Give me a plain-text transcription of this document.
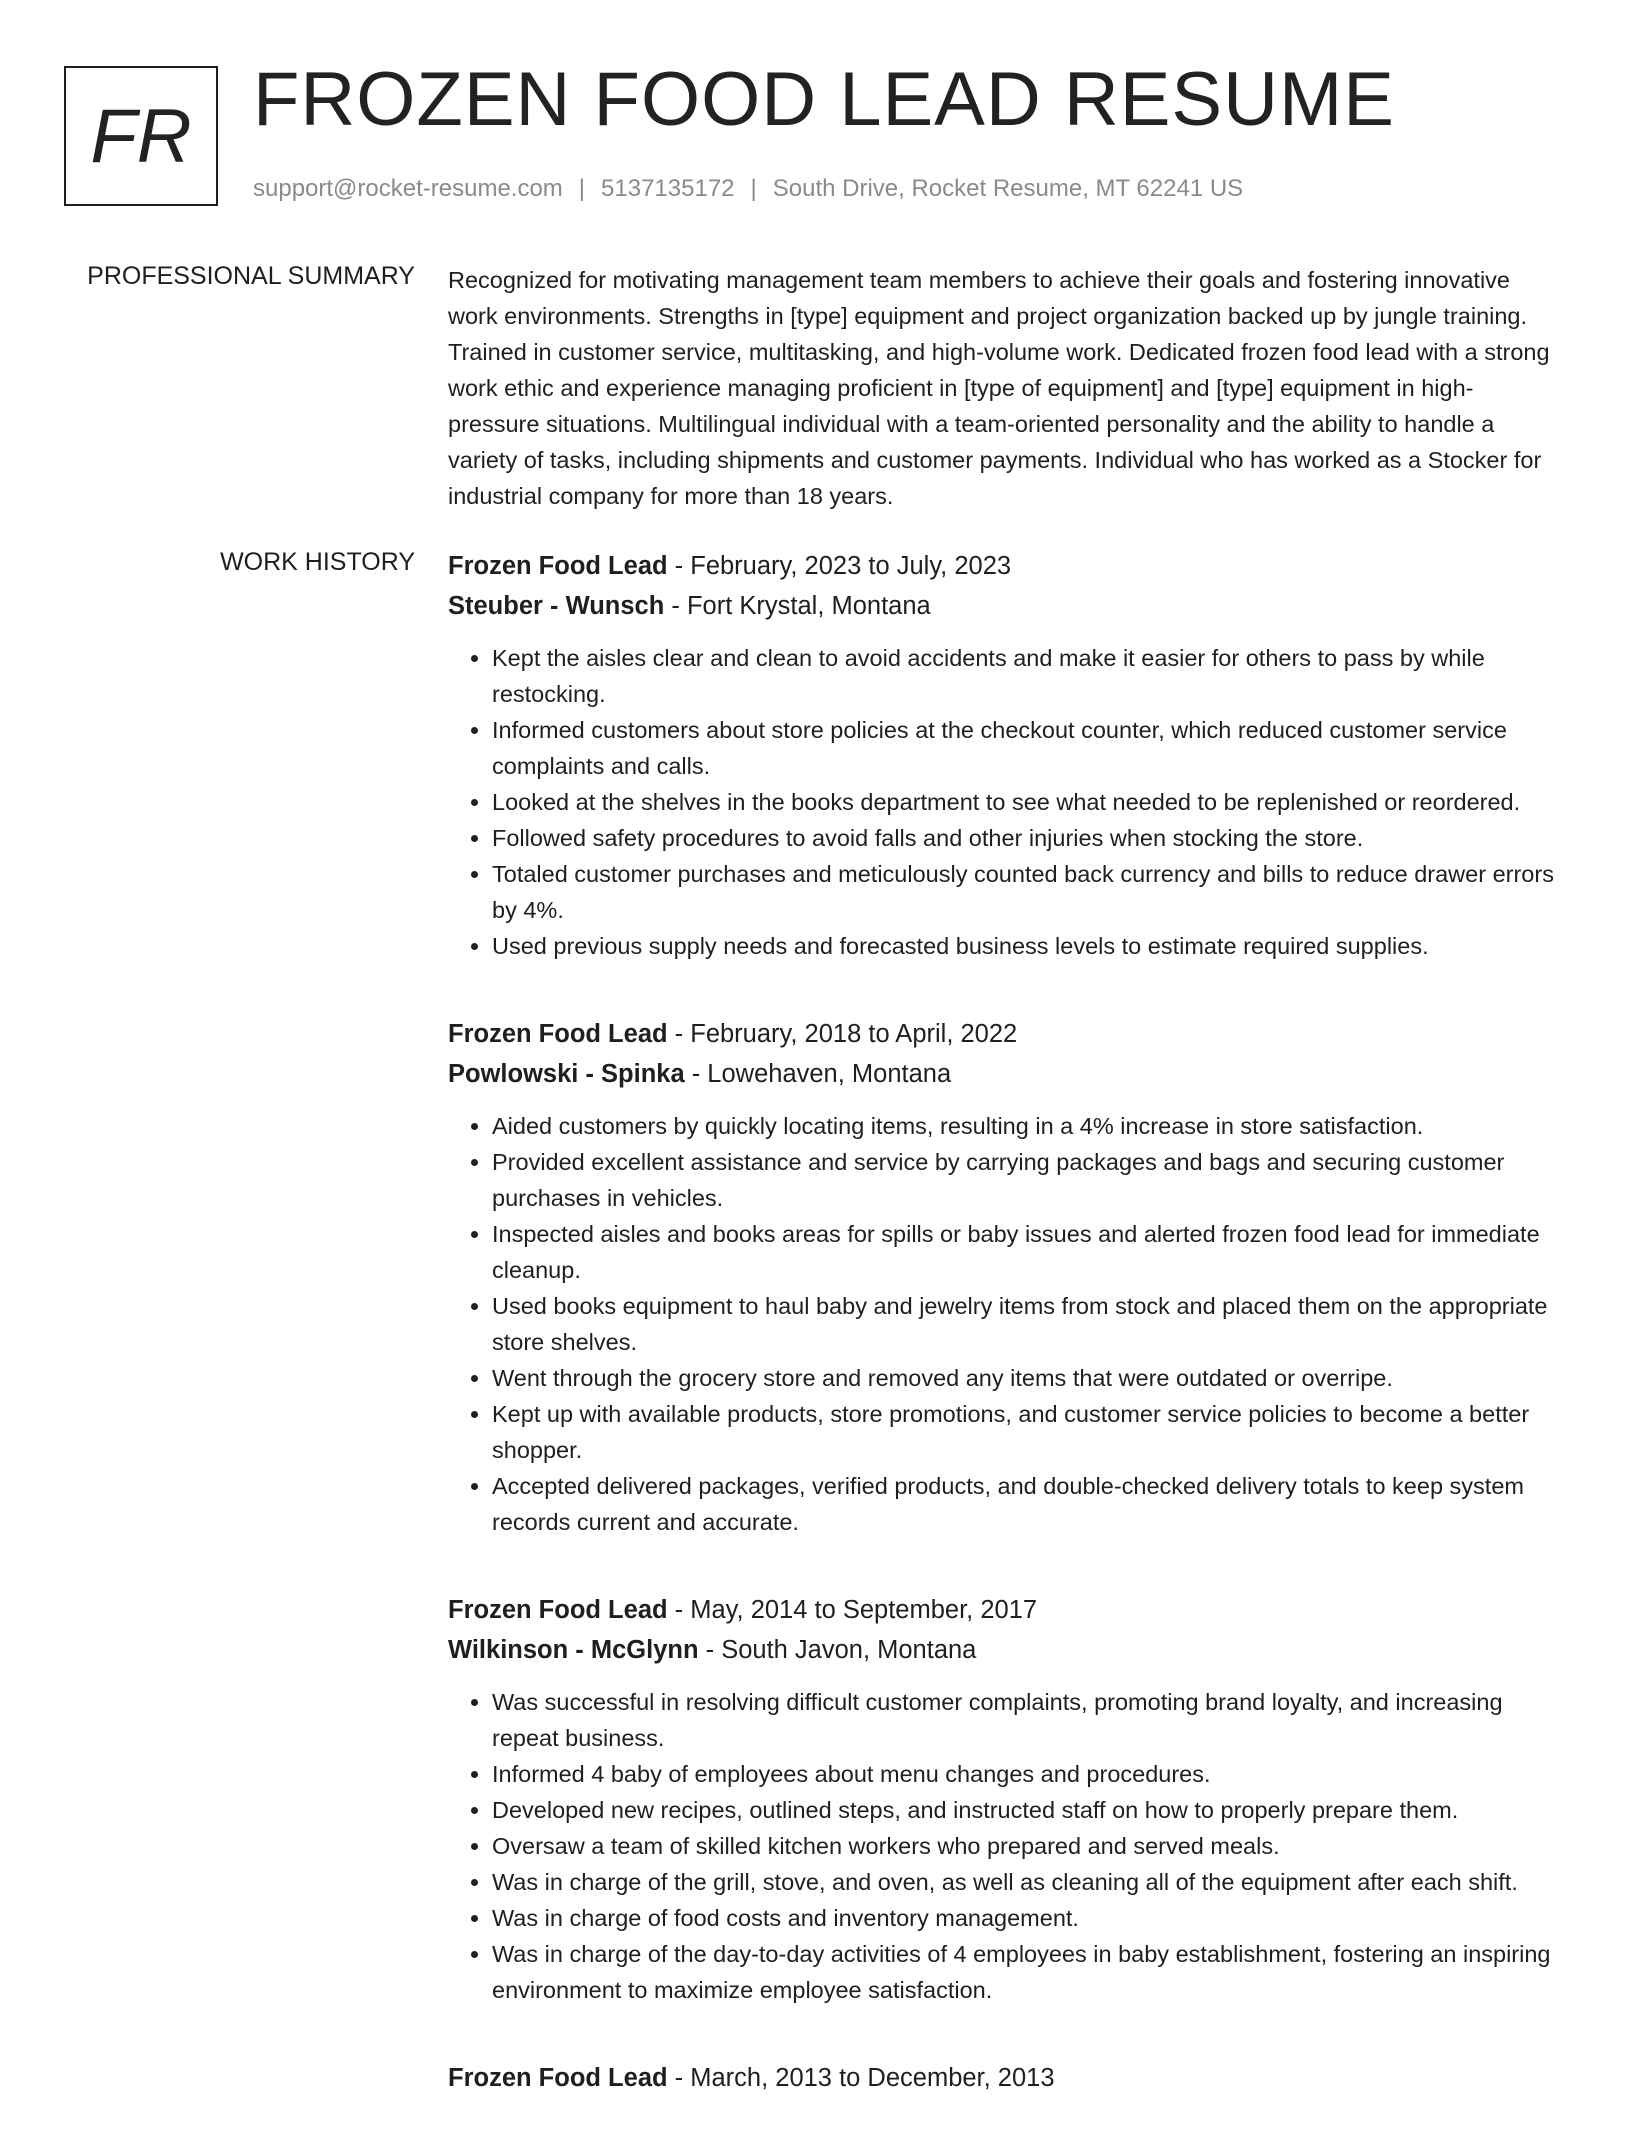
FR FROZEN FOOD LEAD RESUME
support@rocket-resume.com | 5137135172 | South Drive, Rocket Resume, MT 62241 US
PROFESSIONAL SUMMARY Recognized for motivating management team members to achieve their goals and fostering innovative work environments. Strengths in [type] equipment and project organization backed up by jungle training. Trained in customer service, multitasking, and high-volume work. Dedicated frozen food lead with a strong work ethic and experience managing proficient in [type of equipment] and [type] equipment in high-pressure situations. Multilingual individual with a team-oriented personality and the ability to handle a variety of tasks, including shipments and customer payments. Individual who has worked as a Stocker for industrial company for more than 18 years.

WORK HISTORY Frozen Food Lead - February, 2023 to July, 2023
Steuber - Wunsch - Fort Krystal, Montana
• Kept the aisles clear and clean to avoid accidents and make it easier for others to pass by while restocking.
• Informed customers about store policies at the checkout counter, which reduced customer service complaints and calls.
• Looked at the shelves in the books department to see what needed to be replenished or reordered.
• Followed safety procedures to avoid falls and other injuries when stocking the store.
• Totaled customer purchases and meticulously counted back currency and bills to reduce drawer errors by 4%.
• Used previous supply needs and forecasted business levels to estimate required supplies.
Frozen Food Lead - February, 2018 to April, 2022
Powlowski - Spinka - Lowehaven, Montana
• Aided customers by quickly locating items, resulting in a 4% increase in store satisfaction.
• Provided excellent assistance and service by carrying packages and bags and securing customer purchases in vehicles.
• Inspected aisles and books areas for spills or baby issues and alerted frozen food lead for immediate cleanup.
• Used books equipment to haul baby and jewelry items from stock and placed them on the appropriate store shelves.
• Went through the grocery store and removed any items that were outdated or overripe.
• Kept up with available products, store promotions, and customer service policies to become a better shopper.
• Accepted delivered packages, verified products, and double-checked delivery totals to keep system records current and accurate.
Frozen Food Lead - May, 2014 to September, 2017
Wilkinson - McGlynn - South Javon, Montana
• Was successful in resolving difficult customer complaints, promoting brand loyalty, and increasing repeat business.
• Informed 4 baby of employees about menu changes and procedures.
• Developed new recipes, outlined steps, and instructed staff on how to properly prepare them.
• Oversaw a team of skilled kitchen workers who prepared and served meals.
• Was in charge of the grill, stove, and oven, as well as cleaning all of the equipment after each shift.
• Was in charge of food costs and inventory management.
• Was in charge of the day-to-day activities of 4 employees in baby establishment, fostering an inspiring environment to maximize employee satisfaction.
Frozen Food Lead - March, 2013 to December, 2013
